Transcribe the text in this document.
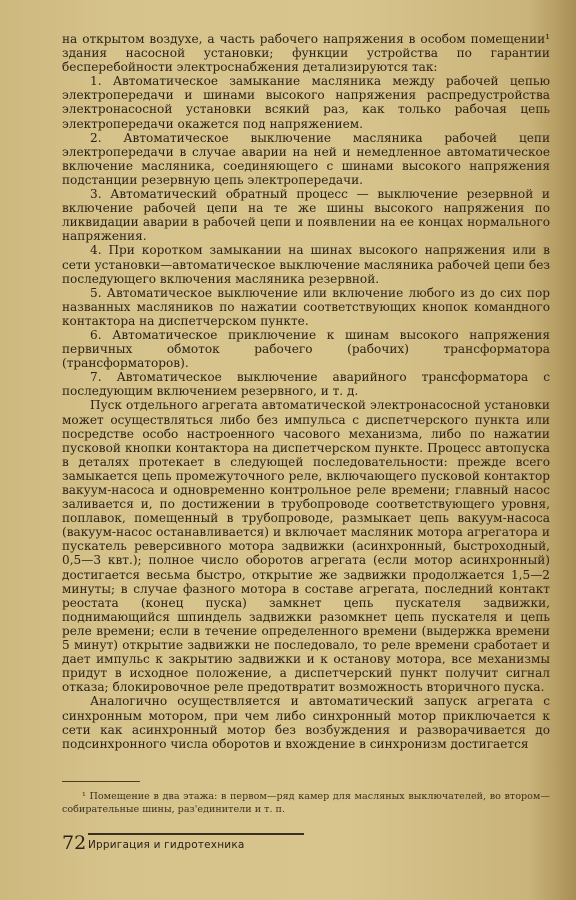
на открытом воздухе, а часть рабочего напряжения в особом помещении¹ здания насосной установки; функции устройства по гарантии бесперебойности электроснабжения детализируются так:

1. Автоматическое замыкание масляника между рабочей цепью электропередачи и шинами высокого напряжения распредустройства электронасосной установки всякий раз, как только рабочая цепь электропередачи окажется под напряжением.

2. Автоматическое выключение масляника рабочей цепи электропередачи в случае аварии на ней и немедленное автоматическое включение масляника, соединяющего с шинами высокого напряжения подстанции резервную цепь электропередачи.

3. Автоматический обратный процесс — выключение резервной и включение рабочей цепи на те же шины высокого напряжения по ликвидации аварии в рабочей цепи и появлении на ее концах нормального напряжения.

4. При коротком замыкании на шинах высокого напряжения или в сети установки—автоматическое выключение масляника рабочей цепи без последующего включения масляника резервной.

5. Автоматическое выключение или включение любого из до сих пор названных масляников по нажатии соответствующих кнопок командного контактора на диспетчерском пункте.

6. Автоматическое приключение к шинам высокого напряжения первичных обмоток рабочего (рабочих) трансформатора (трансформаторов).

7. Автоматическое выключение аварийного трансформатора с последующим включением резервного, и т. д.

Пуск отдельного агрегата автоматической электронасосной установки может осуществляться либо без импульса с диспетчерского пункта или посредстве особо настроенного часового механизма, либо по нажатии пусковой кнопки контактора на диспетчерском пункте. Процесс автопуска в деталях протекает в следующей последовательности: прежде всего замыкается цепь промежуточного реле, включающего пусковой контактор вакуум-насоса и одновременно контрольное реле времени; главный насос заливается и, по достижении в трубопроводе соответствующего уровня, поплавок, помещенный в трубопроводе, размыкает цепь вакуум-насоса (вакуум-насос останавливается) и включает масляник мотора агрегатора и пускатель реверсивного мотора задвижки (асинхронный, быстроходный, 0,5—3 квт.); полное число оборотов агрегата (если мотор асинхронный) достигается весьма быстро, открытие же задвижки продолжается 1,5—2 минуты; в случае фазного мотора в составе агрегата, последний контакт реостата (конец пуска) замкнет цепь пускателя задвижки, поднимающийся шпиндель задвижки разомкнет цепь пускателя и цепь реле времени; если в течение определенного времени (выдержка времени 5 минут) открытие задвижки не последовало, то реле времени сработает и дает импульс к закрытию задвижки и к останову мотора, все механизмы придут в исходное положение, а диспетчерский пункт получит сигнал отказа; блокировочное реле предотвратит возможность вторичного пуска.

Аналогично осуществляется и автоматический запуск агрегата с синхронным мотором, при чем либо синхронный мотор приключается к сети как асинхронный мотор без возбуждения и разворачивается до подсинхронного числа оборотов и вхождение в синхронизм достигается

¹ Помещение в два этажа: в первом—ряд камер для масляных выключателей, во втором—собирательные шины, раз'единители и т. п.
72 Ирригация и гидротехника
